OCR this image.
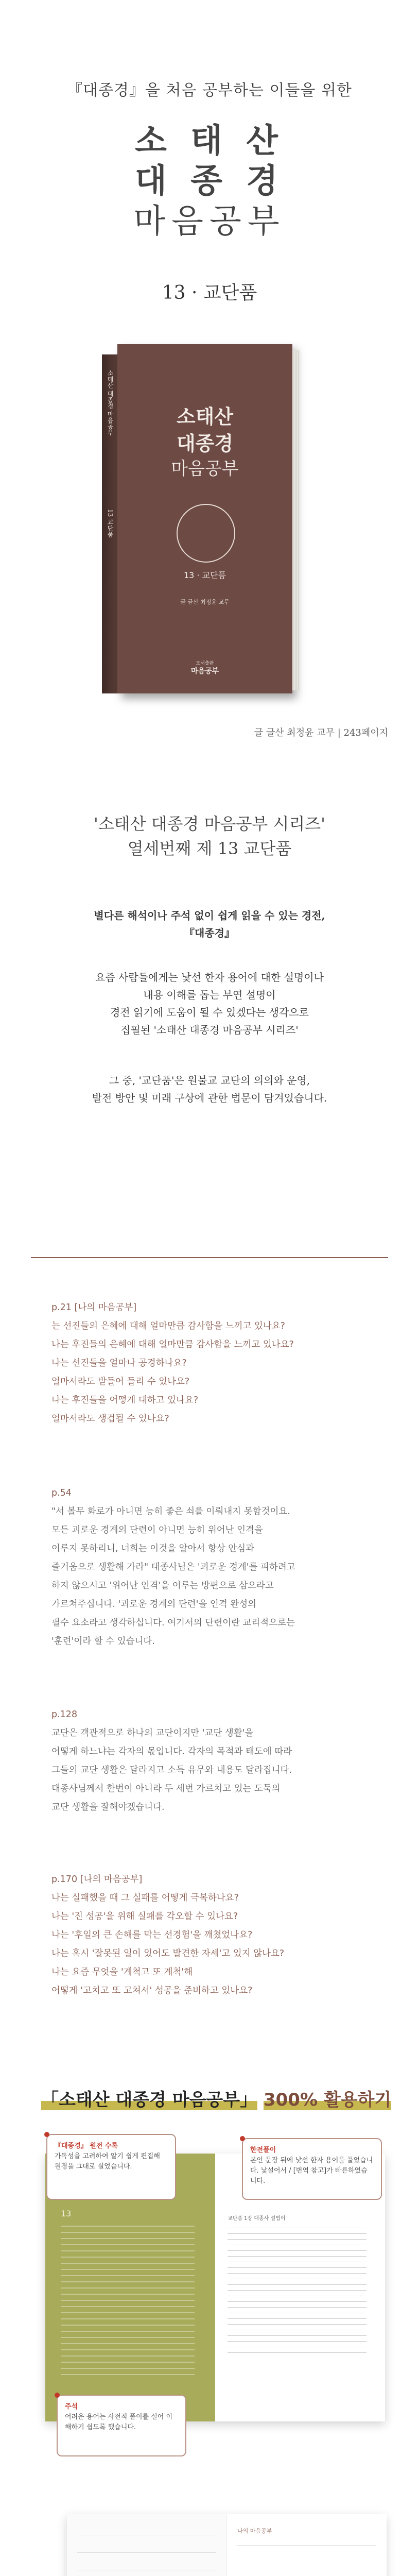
『대종경』을 처음 공부하는 이들을 위한
소 태 산
대 종 경
마음공부
13 · 교단품
소태산 대종경 마음공부
13 교단품
소태산
대종경
마음공부
13 · 교단품
글 글산 최정윤 교무
도서출판
마음공부
글 글산 최정윤 교무 | 243페이지
'소태산 대종경 마음공부 시리즈'
열세번째 제 13 교단품
별다른 해석이나 주석 없이 쉽게 읽을 수 있는 경전,
『대종경』
요즘 사람들에게는 낯선 한자 용어에 대한 설명이나
내용 이해를 돕는 부연 설명이
경전 읽기에 도움이 될 수 있겠다는 생각으로
집필된 '소태산 대종경 마음공부 시리즈'
그 중, '교단품'은 원불교 교단의 의의와 운영,
발전 방안 및 미래 구상에 관한 법문이 담겨있습니다.
p.21 [나의 마음공부]
는 선진들의 은혜에 대해 얼마만큼 감사함을 느끼고 있나요?
나는 후진들의 은혜에 대해 얼마만큼 감사함을 느끼고 있나요?
나는 선진들을 얼마나 공경하나요?
얼마서라도 받들어 들리 수 있나요?
나는 후진들을 어떻게 대하고 있나요?
얼마서라도 생겁될 수 있나요?
p.54
"서 볼무 화로가 아니면 능히 좋은 쇠를 이뤄내지 못함것이요.
모든 괴로운 경계의 단련이 아니면 능히 위어난 인격을
이루지 못하리니, 너희는 이것을 알아서 항상 안심과
즐거움으로 생활해 가라" 대종사님은 '괴로운 경계'를 피하려고
하지 않으시고 '위어난 인격'을 이루는 방편으로 삼으라고
가르쳐주십니다. '괴로운 경계의 단련'을 인격 완성의
필수 요소라고 생각하십니다. 여기서의 단련이란 교리적으로는
'훈련'이라 할 수 있습니다.
p.128
교단은 객관적으로 하나의 교단이지만 '교단 생활'을
어떻게 하느냐는 각자의 몫입니다. 각자의 목적과 태도에 따라
그들의 교단 생활은 달라지고 소득 유무와 내용도 달라집니다.
대종사님께서 한번이 아니라 두 세번 가르치고 있는 도둑의
교단 생활을 잘해야겠습니다.
p.170 [나의 마음공부]
나는 실패했을 때 그 실패를 어떻게 극복하나요?
나는 '진 성공'을 위해 실패를 각오할 수 있나요?
나는 '후일의 큰 손해를 막는 선경험'을 깨쳤었나요?
나는 혹시 '잘못된 일이 있어도 발견한 자세'고 있지 않나요?
나는 요즘 무엇을 '계척고 또 계척'해
어떻게 '고치고 또 고쳐서' 성공을 준비하고 있나요?
「소태산 대종경 마음공부」 300% 활용하기
13
교단품 1장 대종사 설법이
『대종경』 원전 수록
가독성을 고려하여 알기 쉽게 편집해 원경을 그대로 실었습니다.
한전풀이
본인 문장 뒤에 낯선 한자 용어를 풀었습니다. 낯설어서 / [번역 참고]가 빠른하였습니다.
주석
어려운 용어는 사전적 풀이를 실어 이해하기 쉽도록 했습니다.
나의 마음공부
